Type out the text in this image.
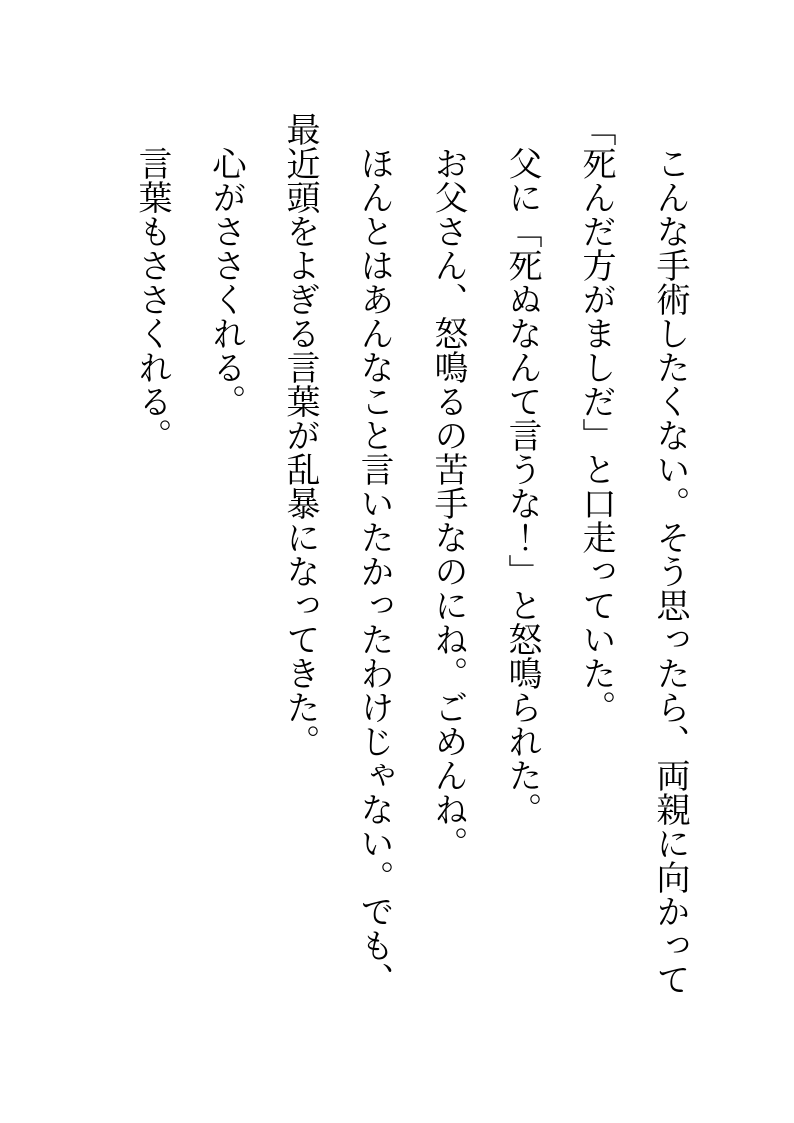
こんな手術したくない。そう思ったら、両親に向かって「死んだ方がましだ」と口走っていた。

父に「死ぬなんて言うな！」と怒鳴られた。

お父さん、怒鳴るの苦手なのにね。ごめんね。

ほんとはあんなこと言いたかったわけじゃない。でも、最近頭をよぎる言葉が乱暴になってきた。

心がささくれる。

言葉もささくれる。
